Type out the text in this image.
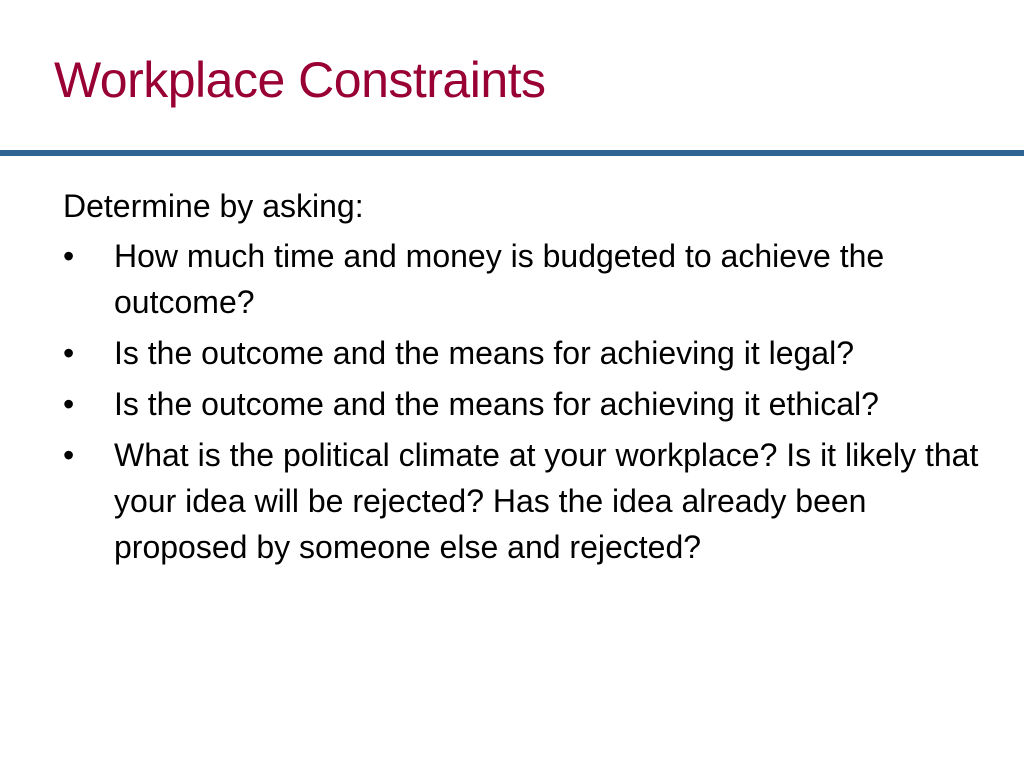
Workplace Constraints

Determine by asking:

•	How much time and money is budgeted to achieve the outcome?
•	Is the outcome and the means for achieving it legal?
•	Is the outcome and the means for achieving it ethical?
•	What is the political climate at your workplace? Is it likely that your idea will be rejected? Has the idea already been proposed by someone else and rejected?
